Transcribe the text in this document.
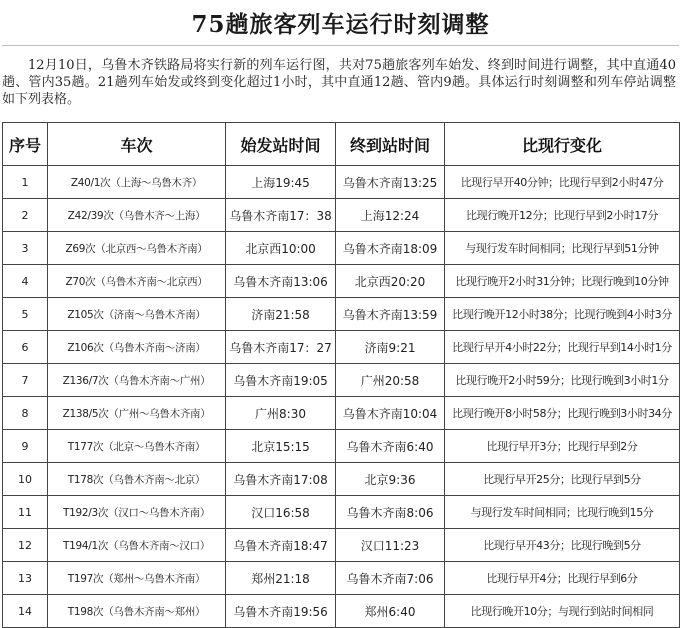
75趟旅客列车运行时刻调整

12月10日，乌鲁木齐铁路局将实行新的列车运行图，共对75趟旅客列车始发、终到时间进行调整，其中直通40趟、管内35趟。21趟列车始发或终到变化超过1小时，其中直通12趟、管内9趟。具体运行时刻调整和列车停站调整如下列表格。

序号	车次	始发站时间	终到站时间	比现行变化
1	Z40/1次（上海～乌鲁木齐）	上海19:45	乌鲁木齐南13:25	比现行早开40分钟；比现行早到2小时47分
2	Z42/39次（乌鲁木齐～上海）	乌鲁木齐南17：38	上海12:24	比现行晚开12分；比现行早到2小时17分
3	Z69次（北京西～乌鲁木齐南）	北京西10:00	乌鲁木齐南18:09	与现行发车时间相同；比现行早到51分钟
4	Z70次（乌鲁木齐南～北京西）	乌鲁木齐南13:06	北京西20:20	比现行晚开2小时31分钟；比现行晚到10分钟
5	Z105次（济南～乌鲁木齐南）	济南21:58	乌鲁木齐南13:59	比现行晚开12小时38分；比现行晚到4小时3分
6	Z106次（乌鲁木齐南～济南）	乌鲁木齐南17：27	济南9:21	比现行早开4小时22分；比现行早到14小时1分
7	Z136/7次（乌鲁木齐南～广州）	乌鲁木齐南19:05	广州20:58	比现行晚开2小时59分；比现行晚到3小时1分
8	Z138/5次（广州～乌鲁木齐南）	广州8:30	乌鲁木齐南10:04	比现行晚开8小时58分；比现行晚到3小时34分
9	T177次（北京～乌鲁木齐南）	北京15:15	乌鲁木齐南6:40	比现行早开3分；比现行早到2分
10	T178次（乌鲁木齐南～北京）	乌鲁木齐南17:08	北京9:36	比现行早开25分；比现行早到5分
11	T192/3次（汉口～乌鲁木齐南）	汉口16:58	乌鲁木齐南8:06	与现行发车时间相同；比现行晚到15分
12	T194/1次（乌鲁木齐南～汉口）	乌鲁木齐南18:47	汉口11:23	比现行早开43分；比现行晚到5分
13	T197次（郑州～乌鲁木齐南）	郑州21:18	乌鲁木齐南7:06	比现行早开4分；比现行早到6分
14	T198次（乌鲁木齐南～郑州）	乌鲁木齐南19:56	郑州6:40	比现行晚开10分；与现行到站时间相同
